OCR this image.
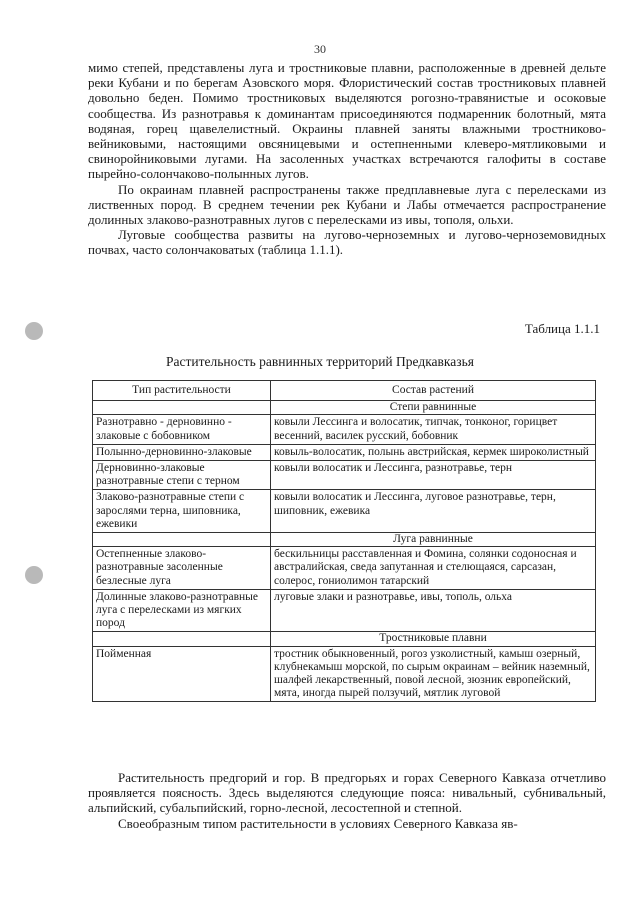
30

мимо степей, представлены луга и тростниковые плавни, расположенные в древней дельте реки Кубани и по берегам Азовского моря. Флористический состав тростниковых плавней довольно беден. Помимо тростниковых выделяются рогозно-травянистые и осоковые сообщества. Из разнотравья к доминантам присоединяются подмаренник болотный, мята водяная, горец щавелелистный. Окраины плавней заняты влажными тростниково-вейниковыми, настоящими овсяницевыми и остепненными клеверо-мятликовыми и свиноройниковыми лугами. На засоленных участках встречаются галофиты в составе пырейно-солончаково-полынных лугов.

По окраинам плавней распространены также предплавневые луга с перелесками из лиственных пород. В среднем течении рек Кубани и Лабы отмечается распространение долинных злаково-разнотравных лугов с перелесками из ивы, тополя, ольхи.

Луговые сообщества развиты на лугово-черноземных и лугово-черноземовидных почвах, часто солончаковатых (таблица 1.1.1).

Таблица 1.1.1
Растительность равнинных территорий Предкавказья
Тип растительности	Состав растений
	Степи равнинные
Разнотравно - дерновинно - злаковые с бобовником	ковыли Лессинга и волосатик, типчак, тонконог, горицвет весенний, василек русский, бобовник
Полынно-дерновинно-злаковые	ковыль-волосатик, полынь австрийская, кермек широколистный
Дерновинно-злаковые разнотравные степи с терном	ковыли волосатик и Лессинга, разнотравье, терн
Злаково-разнотравные степи с зарослями терна, шиповника, ежевики	ковыли волосатик и Лессинга, луговое разнотравье, терн, шиповник, ежевика
	Луга равнинные
Остепненные злаково-разнотравные засоленные безлесные луга	бескильницы расставленная и Фомина, солянки содоносная и австралийская, сведа запутанная и стелющаяся, сарсазан, солерос, гониолимон татарский
Долинные злаково-разнотравные луга с перелесками из мягких пород	луговые злаки и разнотравье, ивы, тополь, ольха
	Тростниковые плавни
Пойменная	тростник обыкновенный, рогоз узколистный, камыш озерный, клубнекамыш морской, по сырым окраинам – вейник наземный, шалфей лекарственный, повой лесной, зюзник европейский, мята, иногда пырей ползучий, мятлик луговой

Растительность предгорий и гор. В предгорьях и горах Северного Кавказа отчетливо проявляется поясность. Здесь выделяются следующие пояса: нивальный, субнивальный, альпийский, субальпийский, горно-лесной, лесостепной и степной.

Своеобразным типом растительности в условиях Северного Кавказа яв-
